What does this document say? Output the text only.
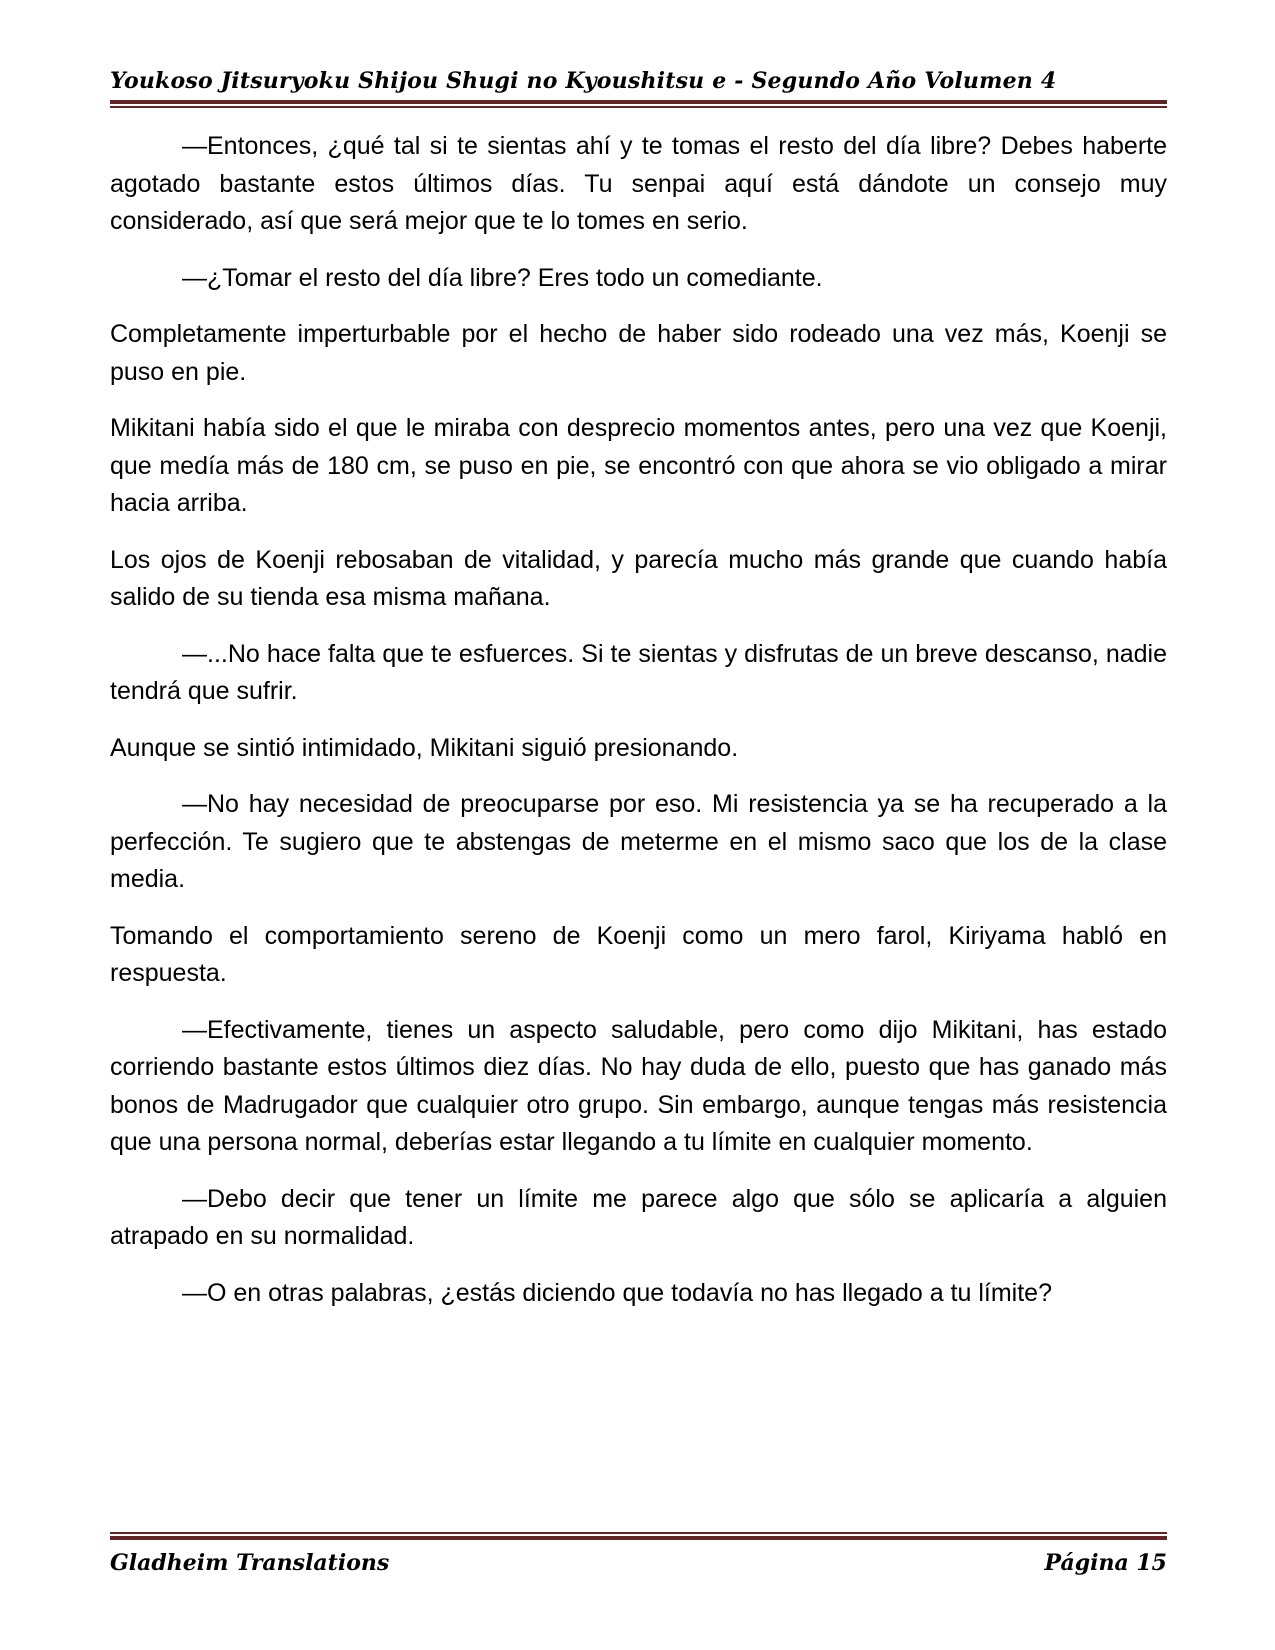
Youkoso Jitsuryoku Shijou Shugi no Kyoushitsu e - Segundo Año Volumen 4

—Entonces, ¿qué tal si te sientas ahí y te tomas el resto del día libre? Debes haberte agotado bastante estos últimos días. Tu senpai aquí está dándote un consejo muy considerado, así que será mejor que te lo tomes en serio.

—¿Tomar el resto del día libre? Eres todo un comediante.

Completamente imperturbable por el hecho de haber sido rodeado una vez más, Koenji se puso en pie.

Mikitani había sido el que le miraba con desprecio momentos antes, pero una vez que Koenji, que medía más de 180 cm, se puso en pie, se encontró con que ahora se vio obligado a mirar hacia arriba.

Los ojos de Koenji rebosaban de vitalidad, y parecía mucho más grande que cuando había salido de su tienda esa misma mañana.

—...No hace falta que te esfuerces. Si te sientas y disfrutas de un breve descanso, nadie tendrá que sufrir.

Aunque se sintió intimidado, Mikitani siguió presionando.

—No hay necesidad de preocuparse por eso. Mi resistencia ya se ha recuperado a la perfección. Te sugiero que te abstengas de meterme en el mismo saco que los de la clase media.

Tomando el comportamiento sereno de Koenji como un mero farol, Kiriyama habló en respuesta.

—Efectivamente, tienes un aspecto saludable, pero como dijo Mikitani, has estado corriendo bastante estos últimos diez días. No hay duda de ello, puesto que has ganado más bonos de Madrugador que cualquier otro grupo. Sin embargo, aunque tengas más resistencia que una persona normal, deberías estar llegando a tu límite en cualquier momento.

—Debo decir que tener un límite me parece algo que sólo se aplicaría a alguien atrapado en su normalidad.

—O en otras palabras, ¿estás diciendo que todavía no has llegado a tu límite?

Gladheim Translations	Página 15
